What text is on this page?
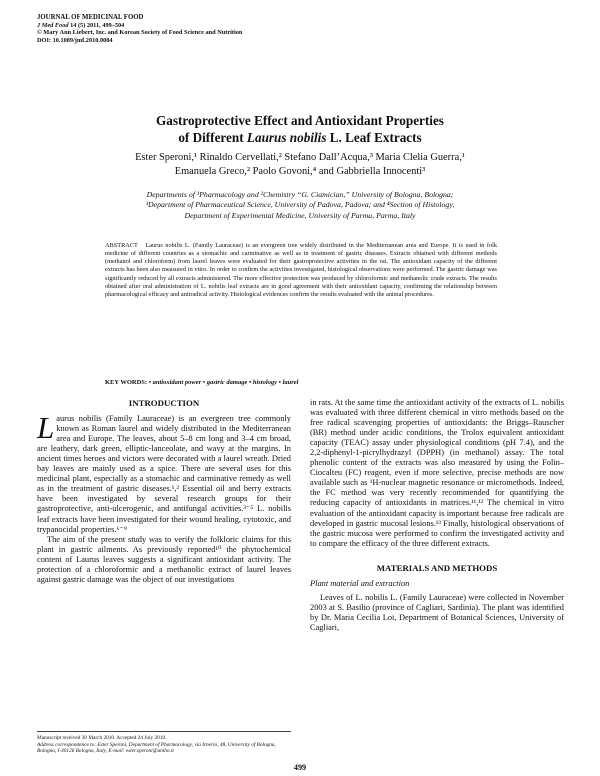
JOURNAL OF MEDICINAL FOOD
J Med Food 14 (5) 2011, 499–504
© Mary Ann Liebert, Inc. and Korean Society of Food Science and Nutrition
DOI: 10.1089/jmf.2010.0084
Gastroprotective Effect and Antioxidant Properties
of Different Laurus nobilis L. Leaf Extracts
Ester Speroni,¹ Rinaldo Cervellati,² Stefano Dall’Acqua,³ Maria Clelia Guerra,¹
Emanuela Greco,² Paolo Govoni,⁴ and Gabbriella Innocenti³
Departments of ¹Pharmacology and ²Chemistry “G. Ciamician,” University of Bologna, Bologna;
³Department of Pharmaceutical Science, University of Padova, Padova; and ⁴Section of Histology,
Department of Experimental Medicine, University of Parma, Parma, Italy
ABSTRACT Laurus nobilis L. (Family Lauraceae) is an evergreen tree widely distributed in the Mediterranean area and Europe. It is used in folk medicine of different countries as a stomachic and carminative as well as in treatment of gastric diseases. Extracts obtained with different methods (methanol and chloroform) from laurel leaves were evaluated for their gastroprotective activities in the rat. The antioxidant capacity of the different extracts has been also measured in vitro. In order to confirm the activities investigated, histological observations were performed. The gastric damage was significantly reduced by all extracts administered. The more effective protection was produced by chloroformic and methanolic crude extracts. The results obtained after oral administration of L. nobilis leaf extracts are in good agreement with their antioxidant capacity, confirming the relationship between pharmacological efficacy and antiradical activity. Histological evidences confirm the results evaluated with the animal procedures.
KEY WORDS: • antioxidant power • gastric damage • histology • laurel
INTRODUCTION

Laurus nobilis (Family Lauraceae) is an evergreen tree commonly known as Roman laurel and widely distributed in the Mediterranean area and Europe. The leaves, about 5–8 cm long and 3–4 cm broad, are leathery, dark green, elliptic-lanceolate, and wavy at the margins. In ancient times heroes and victors were decorated with a laurel wreath. Dried bay leaves are mainly used as a spice. There are several uses for this medicinal plant, especially as a stomachic and carminative remedy as well as in the treatment of gastric diseases.¹,² Essential oil and berry extracts have been investigated by several research groups for their gastroprotective, anti-ulcerogenic, and antifungal activities.³⁻⁵ L. nobilis leaf extracts have been investigated for their wound healing, cytotoxic, and trypanocidal properties.⁶⁻⁹

The aim of the present study was to verify the folkloric claims for this plant in gastric ailments. As previously reported¹⁰ the phytochemical content of Laurus leaves suggests a significant antioxidant activity. The protection of a chloroformic and a methanolic extract of laurel leaves against gastric damage was the object of our investigations

in rats. At the same time the antioxidant activity of the extracts of L. nobilis was evaluated with three different chemical in vitro methods based on the free radical scavenging properties of antioxidants: the Briggs–Rauscher (BR) method under acidic conditions, the Trolox equivalent antioxidant capacity (TEAC) assay under physiological conditions (pH 7.4), and the 2,2-diphenyl-1-picrylhydrazyl (DPPH) (in methanol) assay. The total phenolic content of the extracts was also measured by using the Folin–Ciocalteu (FC) reagent, even if more selective, precise methods are now available such as ¹H-nuclear magnetic resonance or micromethods. Indeed, the FC method was very recently recommended for quantifying the reducing capacity of antioxidants in matrices.¹¹,¹² The chemical in vitro evaluation of the antioxidant capacity is important because free radicals are developed in gastric mucosal lesions.¹³ Finally, histological observations of the gastric mucosa were performed to confirm the investigated activity and to compare the efficacy of the three different extracts.

MATERIALS AND METHODS
Plant material and extraction

Leaves of L. nobilis L. (Family Lauraceae) were collected in November 2003 at S. Basilio (province of Cagliari, Sardinia). The plant was identified by Dr. Maria Cecilia Loi, Department of Botanical Sciences, University of Cagliari,

Manuscript received 30 March 2010. Accepted 24 July 2010.
Address correspondence to: Ester Speroni, Department of Pharmacology, via Irnerio, 48, University of Bologna, Bologna, I-40126 Bologna, Italy, E-mail: ester.speroni@unibo.it
499
